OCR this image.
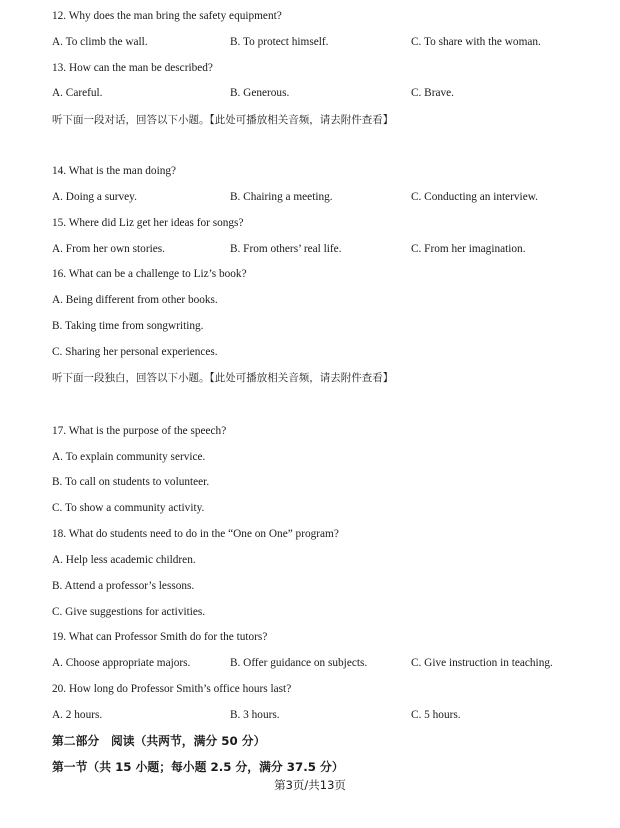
12. Why does the man bring the safety equipment?
A. To climb the wall.	B. To protect himself.	C. To share with the woman.
13. How can the man be described?
A. Careful.	B. Generous.	C. Brave.
听下面一段对话，回答以下小题。【此处可播放相关音频，请去附件查看】
14. What is the man doing?
A. Doing a survey.	B. Chairing a meeting.	C. Conducting an interview.
15. Where did Liz get her ideas for songs?
A. From her own stories.	B. From others’ real life.	C. From her imagination.
16. What can be a challenge to Liz’s book?
A. Being different from other books.
B. Taking time from songwriting.
C. Sharing her personal experiences.
听下面一段独白，回答以下小题。【此处可播放相关音频，请去附件查看】
17. What is the purpose of the speech?
A. To explain community service.
B. To call on students to volunteer.
C. To show a community activity.
18. What do students need to do in the “One on One” program?
A. Help less academic children.
B. Attend a professor’s lessons.
C. Give suggestions for activities.
19. What can Professor Smith do for the tutors?
A. Choose appropriate majors.	B. Offer guidance on subjects.	C. Give instruction in teaching.
20. How long do Professor Smith’s office hours last?
A. 2 hours.	B. 3 hours.	C. 5 hours.
第二部分　阅读（共两节，满分 50 分）
第一节（共 15 小题；每小题 2.5 分，满分 37.5 分）
第3页/共13页
